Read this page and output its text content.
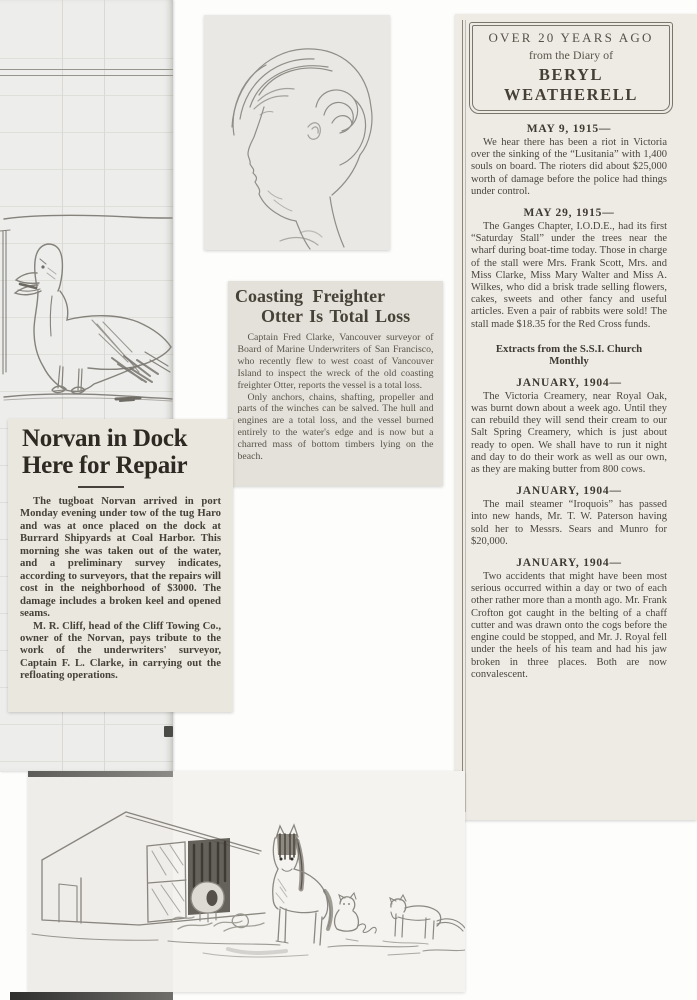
Coasting Freighter
Otter Is Total Loss

Captain Fred Clarke, Vancouver surveyor of Board of Marine Underwriters of San Francisco, who recently flew to west coast of Vancouver Island to inspect the wreck of the old coasting freighter Otter, reports the vessel is a total loss.

Only anchors, chains, shafting, propeller and parts of the winches can be salved. The hull and engines are a total loss, and the vessel burned entirely to the water's edge and is now but a charred mass of bottom timbers lying on the beach.

Norvan in Dock
Here for Repair

The tugboat Norvan arrived in port Monday evening under tow of the tug Haro and was at once placed on the dock at Burrard Shipyards at Coal Harbor. This morning she was taken out of the water, and a preliminary survey indicates, according to surveyors, that the repairs will cost in the neighborhood of $3000. The damage includes a broken keel and opened seams.

M. R. Cliff, head of the Cliff Towing Co., owner of the Norvan, pays tribute to the work of the underwriters' surveyor, Captain F. L. Clarke, in carrying out the refloating operations.

OVER 20 YEARS AGO
from the Diary of
BERYL WEATHERELL
MAY 9, 1915—

We hear there has been a riot in Victoria over the sinking of the “Lusitania” with 1,400 souls on board. The rioters did about $25,000 worth of damage before the police had things under control.

MAY 29, 1915—

The Ganges Chapter, I.O.D.E., had its first “Saturday Stall” under the trees near the wharf during boat-time today. Those in charge of the stall were Mrs. Frank Scott, Mrs. and Miss Clarke, Miss Mary Walter and Miss A. Wilkes, who did a brisk trade selling flowers, cakes, sweets and other fancy and useful articles. Even a pair of rabbits were sold! The stall made $18.35 for the Red Cross funds.

Extracts from the S.S.I. Church Monthly
JANUARY, 1904—

The Victoria Creamery, near Royal Oak, was burnt down about a week ago. Until they can rebuild they will send their cream to our Salt Spring Creamery, which is just about ready to open. We shall have to run it night and day to do their work as well as our own, as they are making butter from 800 cows.

JANUARY, 1904—

The mail steamer “Iroquois” has passed into new hands, Mr. T. W. Paterson having sold her to Messrs. Sears and Munro for $20,000.

JANUARY, 1904—

Two accidents that might have been most serious occurred within a day or two of each other rather more than a month ago. Mr. Frank Crofton got caught in the belting of a chaff cutter and was drawn onto the cogs before the engine could be stopped, and Mr. J. Royal fell under the heels of his team and had his jaw broken in three places. Both are now convalescent.
